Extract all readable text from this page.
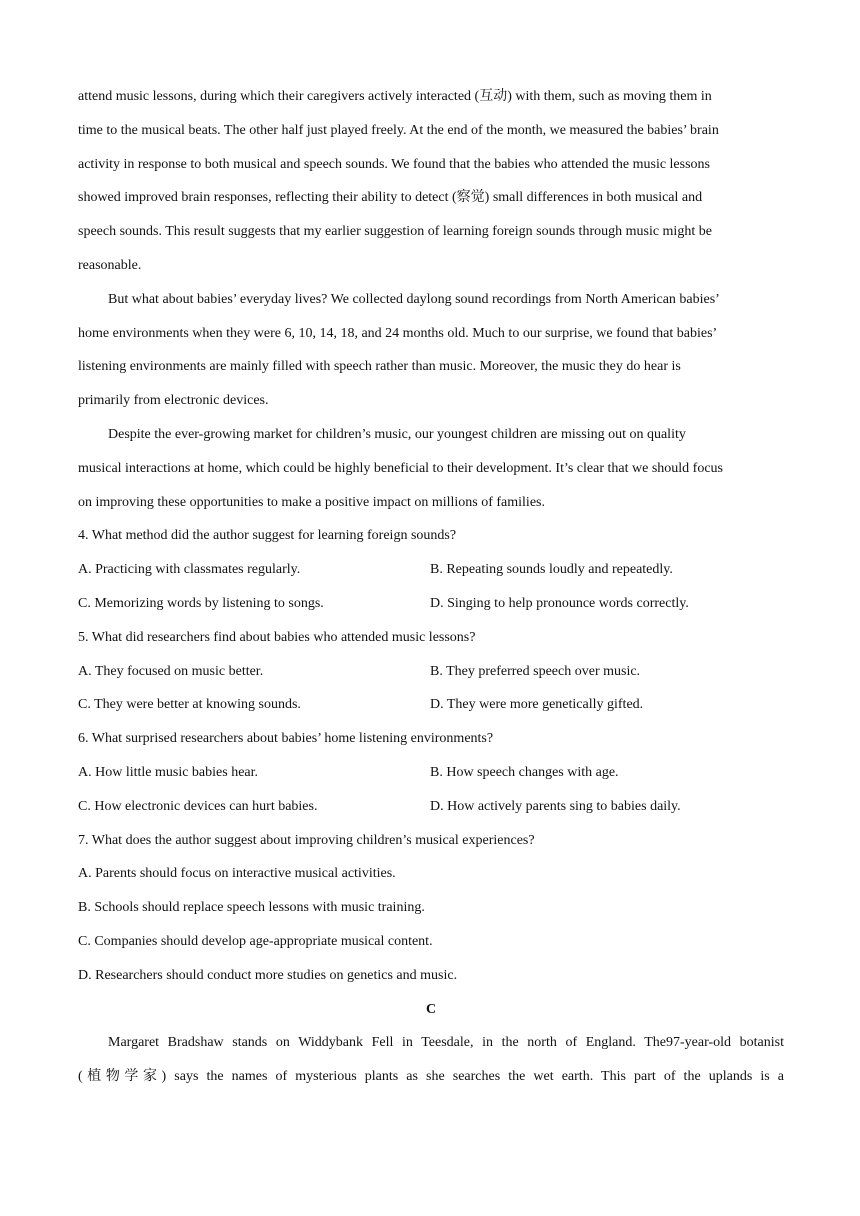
attend music lessons, during which their caregivers actively interacted (互动) with them, such as moving them in
time to the musical beats. The other half just played freely. At the end of the month, we measured the babies’ brain
activity in response to both musical and speech sounds. We found that the babies who attended the music lessons
showed improved brain responses, reflecting their ability to detect (察觉) small differences in both musical and
speech sounds. This result suggests that my earlier suggestion of learning foreign sounds through music might be
reasonable.
But what about babies’ everyday lives? We collected daylong sound recordings from North American babies’
home environments when they were 6, 10, 14, 18, and 24 months old. Much to our surprise, we found that babies’
listening environments are mainly filled with speech rather than music. Moreover, the music they do hear is
primarily from electronic devices.
Despite the ever-growing market for children’s music, our youngest children are missing out on quality
musical interactions at home, which could be highly beneficial to their development. It’s clear that we should focus
on improving these opportunities to make a positive impact on millions of families.
4. What method did the author suggest for learning foreign sounds?
A. Practicing with classmates regularly.	B. Repeating sounds loudly and repeatedly.
C. Memorizing words by listening to songs.	D. Singing to help pronounce words correctly.
5. What did researchers find about babies who attended music lessons?
A. They focused on music better.	B. They preferred speech over music.
C. They were better at knowing sounds.	D. They were more genetically gifted.
6. What surprised researchers about babies’ home listening environments?
A. How little music babies hear.	B. How speech changes with age.
C. How electronic devices can hurt babies.	D. How actively parents sing to babies daily.
7. What does the author suggest about improving children’s musical experiences?
A. Parents should focus on interactive musical activities.
B. Schools should replace speech lessons with music training.
C. Companies should develop age-appropriate musical content.
D. Researchers should conduct more studies on genetics and music.
C
Margaret Bradshaw stands on Widdybank Fell in Teesdale, in the north of England. The97-year-old botanist
(植物学家) says the names of mysterious plants as she searches the wet earth. This part of the uplands is a
